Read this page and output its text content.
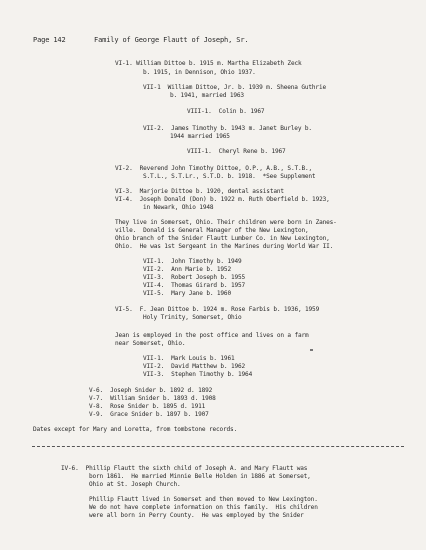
Page 142	Family of George Flautt of Joseph, Sr.
VI-1. William Dittoe b. 1915 m. Martha Elizabeth Zeck
b. 1915, in Dennison, Ohio 1937.
VII-1  William Dittoe, Jr. b. 1939 m. Sheena Guthrie
b. 1941, married 1963
VIII-1.  Colin b. 1967
VII-2.  James Timothy b. 1943 m. Janet Burley b.
1944 married 1965
VIII-1.  Cheryl Rene b. 1967
VI-2.  Reverend John Timothy Dittoe, O.P., A.B., S.T.B.,
S.T.L., S.T.Lr., S.T.D. b. 1918.  *See Supplement
VI-3.  Marjorie Dittoe b. 1920, dental assistant
VI-4.  Joseph Donald (Don) b. 1922 m. Ruth Oberfield b. 1923,
in Newark, Ohio 1948
They live in Somerset, Ohio. Their children were born in Zanes-
ville.  Donald is General Manager of the New Lexington,
Ohio branch of the Snider Flautt Lumber Co. in New Lexington,
Ohio.  He was 1st Sergeant in the Marines during World War II.
VII-1.  John Timothy b. 1949
VII-2.  Ann Marie b. 1952
VII-3.  Robert Joseph b. 1955
VII-4.  Thomas Girard b. 1957
VII-5.  Mary Jane b. 1960
VI-5.  F. Jean Dittoe b. 1924 m. Rose Farbis b. 1936, 1959
Holy Trinity, Somerset, Ohio
Jean is employed in the post office and lives on a farm
near Somerset, Ohio.
VII-1.  Mark Louis b. 1961
VII-2.  David Matthew b. 1962
VII-3.  Stephen Timothy b. 1964
V-6.  Joseph Snider b. 1892 d. 1892
V-7.  William Snider b. 1893 d. 1908
V-8.  Rose Snider b. 1895 d. 1911
V-9.  Grace Snider b. 1897 b. 1907
Dates except for Mary and Loretta, from tombstone records.
IV-6.  Phillip Flautt the sixth child of Joseph A. and Mary Flautt was
born 1861.  He married Minnie Belle Holden in 1886 at Somerset,
Ohio at St. Joseph Church.
Phillip Flautt lived in Somerset and then moved to New Lexington.
We do not have complete information on this family.  His children
were all born in Perry County.  He was employed by the Snider
